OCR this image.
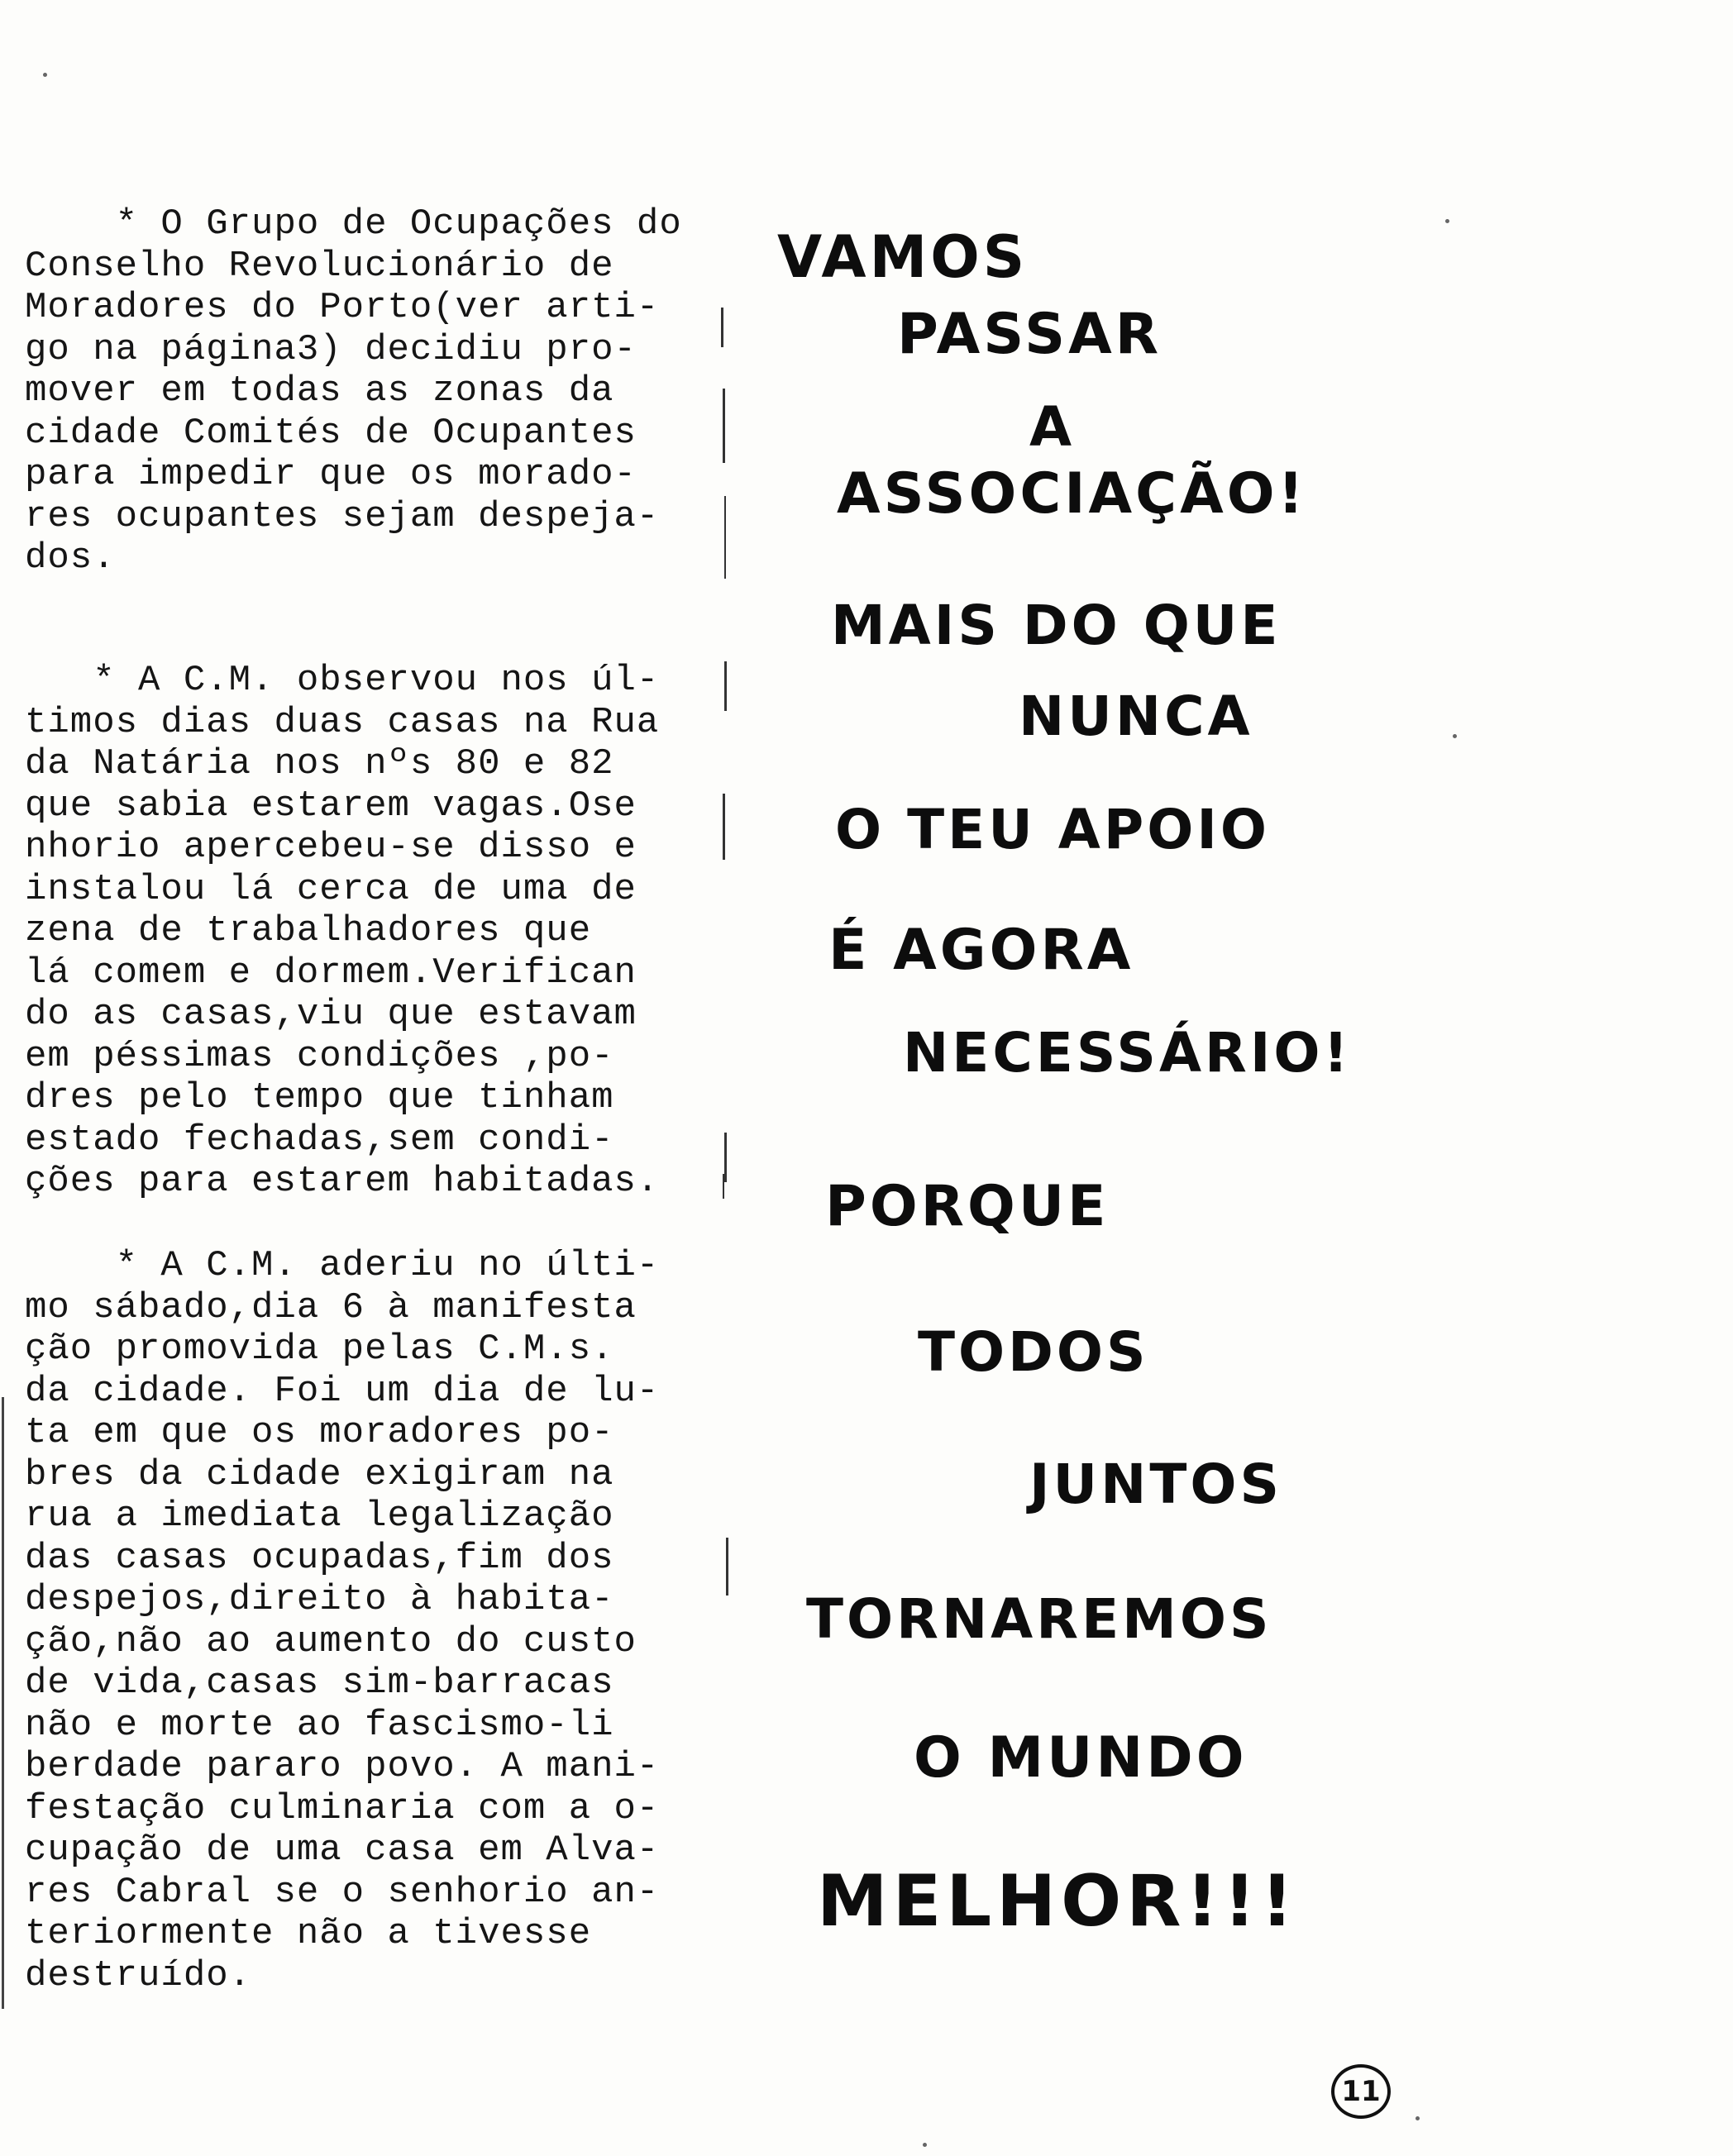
* O Grupo de Ocupações do
Conselho Revolucionário de
Moradores do Porto(ver arti-
go na página3) decidiu pro-
mover em todas as zonas da
cidade Comités de Ocupantes
para impedir que os morado-
res ocupantes sejam despeja-
dos.
* A C.M. observou nos úl-
timos dias duas casas na Rua
da Natária nos nºs 80 e 82
que sabia estarem vagas.Ose
nhorio apercebeu-se disso e
instalou lá cerca de uma de
zena de trabalhadores que
lá comem e dormem.Verifican
do as casas,viu que estavam
em péssimas condições ,po-
dres pelo tempo que tinham
estado fechadas,sem condi-
ções para estarem habitadas.
* A C.M. aderiu no últi-
mo sábado,dia 6 à manifesta
ção promovida pelas C.M.s.
da cidade. Foi um dia de lu-
ta em que os moradores po-
bres da cidade exigiram na
rua a imediata legalização
das casas ocupadas,fim dos
despejos,direito à habita-
ção,não ao aumento do custo
de vida,casas sim-barracas
não e morte ao fascismo-li
berdade pararo povo. A mani-
festação culminaria com a o-
cupação de uma casa em Alva-
res Cabral se o senhorio an-
teriormente não a tivesse
destruído.
VAMOS
PASSAR
A
ASSOCIAÇÃO!
MAIS DO QUE
NUNCA
O TEU APOIO
É AGORA
NECESSÁRIO!
PORQUE
TODOS
JUNTOS
TORNAREMOS
O MUNDO
MELHOR!!!
11
